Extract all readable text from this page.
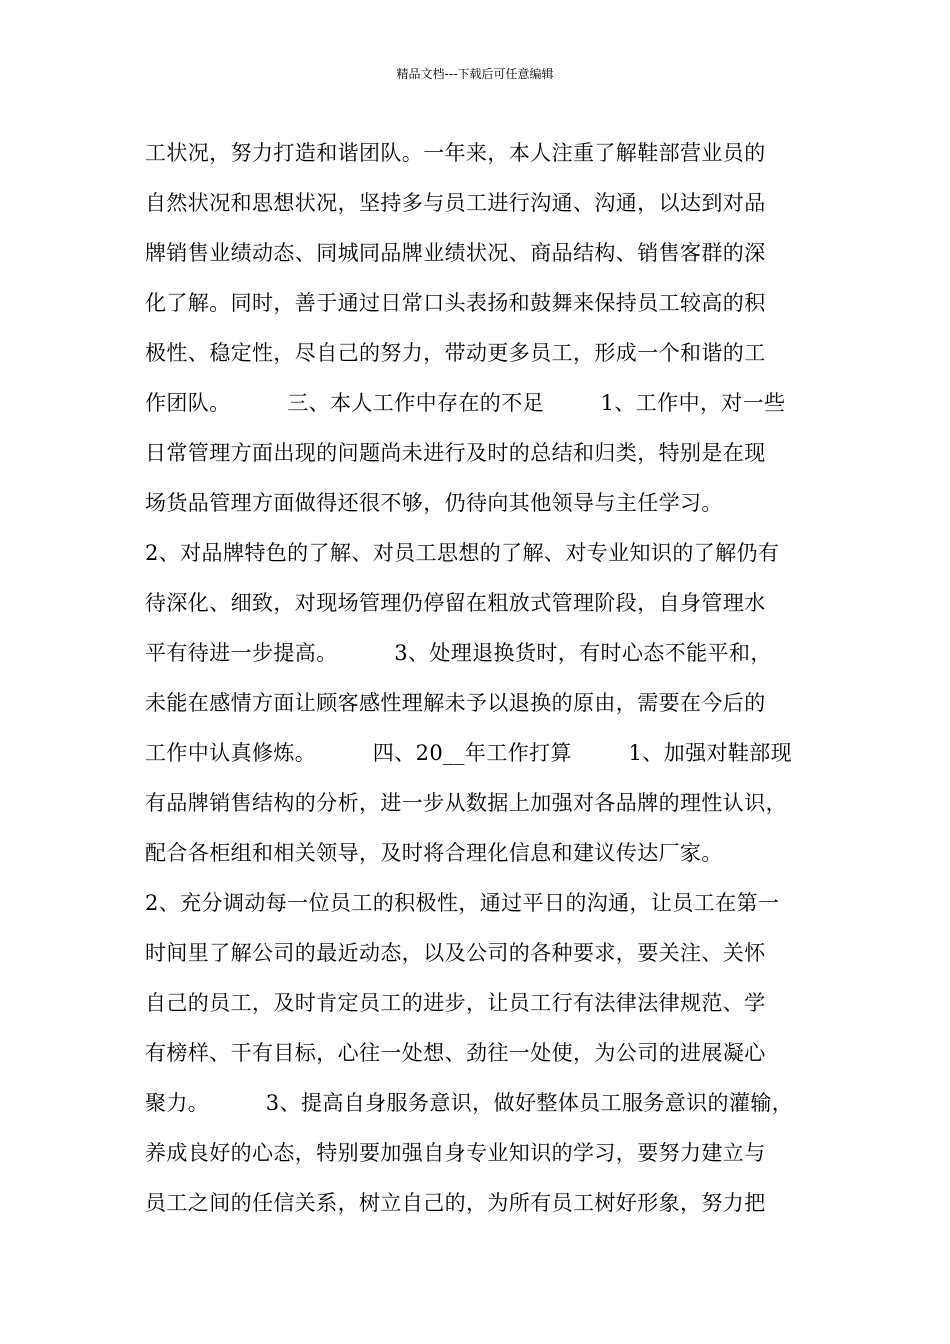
精品文档---下载后可任意编辑
工状况，努力打造和谐团队。一年来，本人注重了解鞋部营业员的
自然状况和思想状况，坚持多与员工进行沟通、沟通，以达到对品
牌销售业绩动态、同城同品牌业绩状况、商品结构、销售客群的深
化了解。同时，善于通过日常口头表扬和鼓舞来保持员工较高的积
极性、稳定性，尽自己的努力，带动更多员工，形成一个和谐的工
作团队。        三、本人工作中存在的不足        1、工作中，对一些
日常管理方面出现的问题尚未进行及时的总结和归类，特别是在现
场货品管理方面做得还很不够，仍待向其他领导与主任学习。
2、对品牌特色的了解、对员工思想的了解、对专业知识的了解仍有
待深化、细致，对现场管理仍停留在粗放式管理阶段，自身管理水
平有待进一步提高。        3、处理退换货时，有时心态不能平和，
未能在感情方面让顾客感性理解未予以退换的原由，需要在今后的
工作中认真修炼。        四、20__年工作打算        1、加强对鞋部现
有品牌销售结构的分析，进一步从数据上加强对各品牌的理性认识，
配合各柜组和相关领导，及时将合理化信息和建议传达厂家。
2、充分调动每一位员工的积极性，通过平日的沟通，让员工在第一
时间里了解公司的最近动态，以及公司的各种要求，要关注、关怀
自己的员工，及时肯定员工的进步，让员工行有法律法律规范、学
有榜样、干有目标，心往一处想、劲往一处使，为公司的进展凝心
聚力。        3、提高自身服务意识，做好整体员工服务意识的灌输，
养成良好的心态，特别要加强自身专业知识的学习，要努力建立与
员工之间的任信关系，树立自己的，为所有员工树好形象，努力把
